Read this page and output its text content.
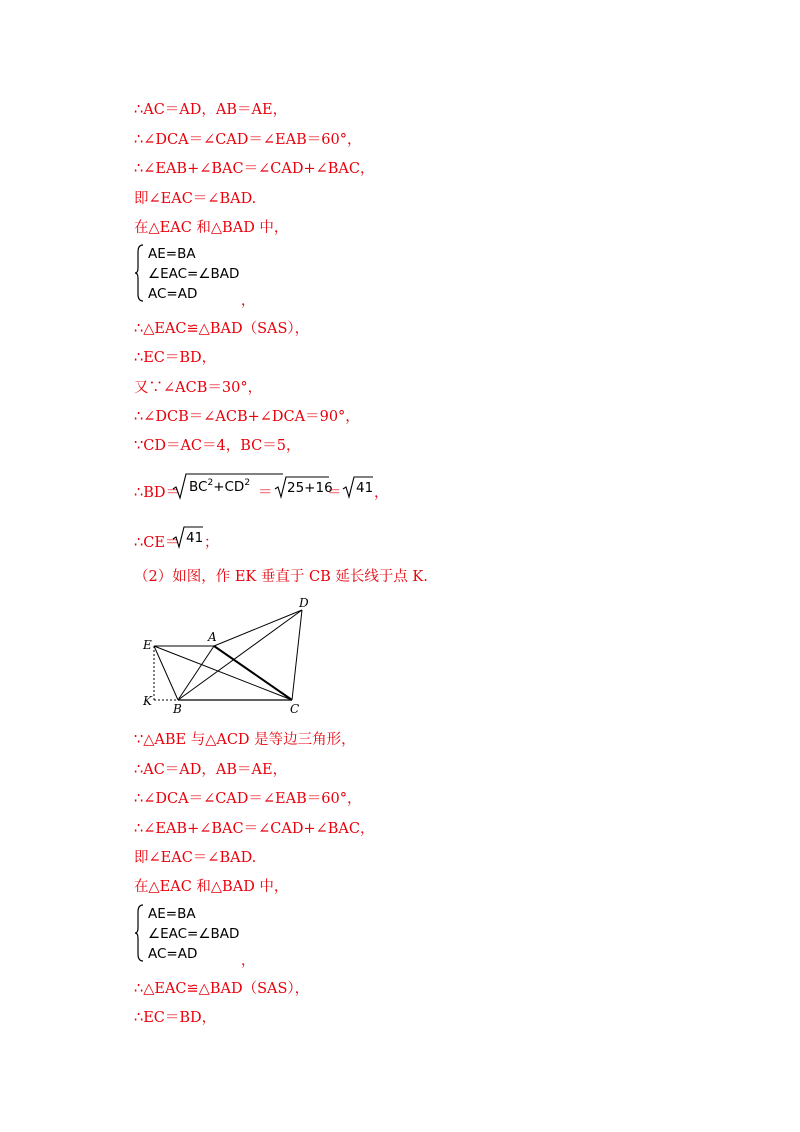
∴AC＝AD，AB＝AE，
∴∠DCA＝∠CAD＝∠EAB＝60°，
∴∠EAB+∠BAC＝∠CAD+∠BAC，
即∠EAC＝∠BAD.
在△EAC 和△BAD 中，
AE=BA
∠EAC=∠BAD
AC=AD	，
∴△EAC≌△BAD（SAS），
∴EC＝BD，
又∵∠ACB＝30°，
∴∠DCB＝∠ACB+∠DCA＝90°，
∵CD＝AC＝4，BC＝5，
∴BD＝ $BC^2+CD^2$
＝ 25+16
＝ 41 ，
∴CE＝ 41 ；
（2）如图，作 EK 垂直于 CB 延长线于点 K.
D
E
A
K
B	C
∵△ABE 与△ACD 是等边三角形，
∴AC＝AD，AB＝AE，
∴∠DCA＝∠CAD＝∠EAB＝60°，
∴∠EAB+∠BAC＝∠CAD+∠BAC，
即∠EAC＝∠BAD.
在△EAC 和△BAD 中，
AE=BA
∠EAC=∠BAD
AC=AD	，
∴△EAC≌△BAD（SAS），
∴EC＝BD，
